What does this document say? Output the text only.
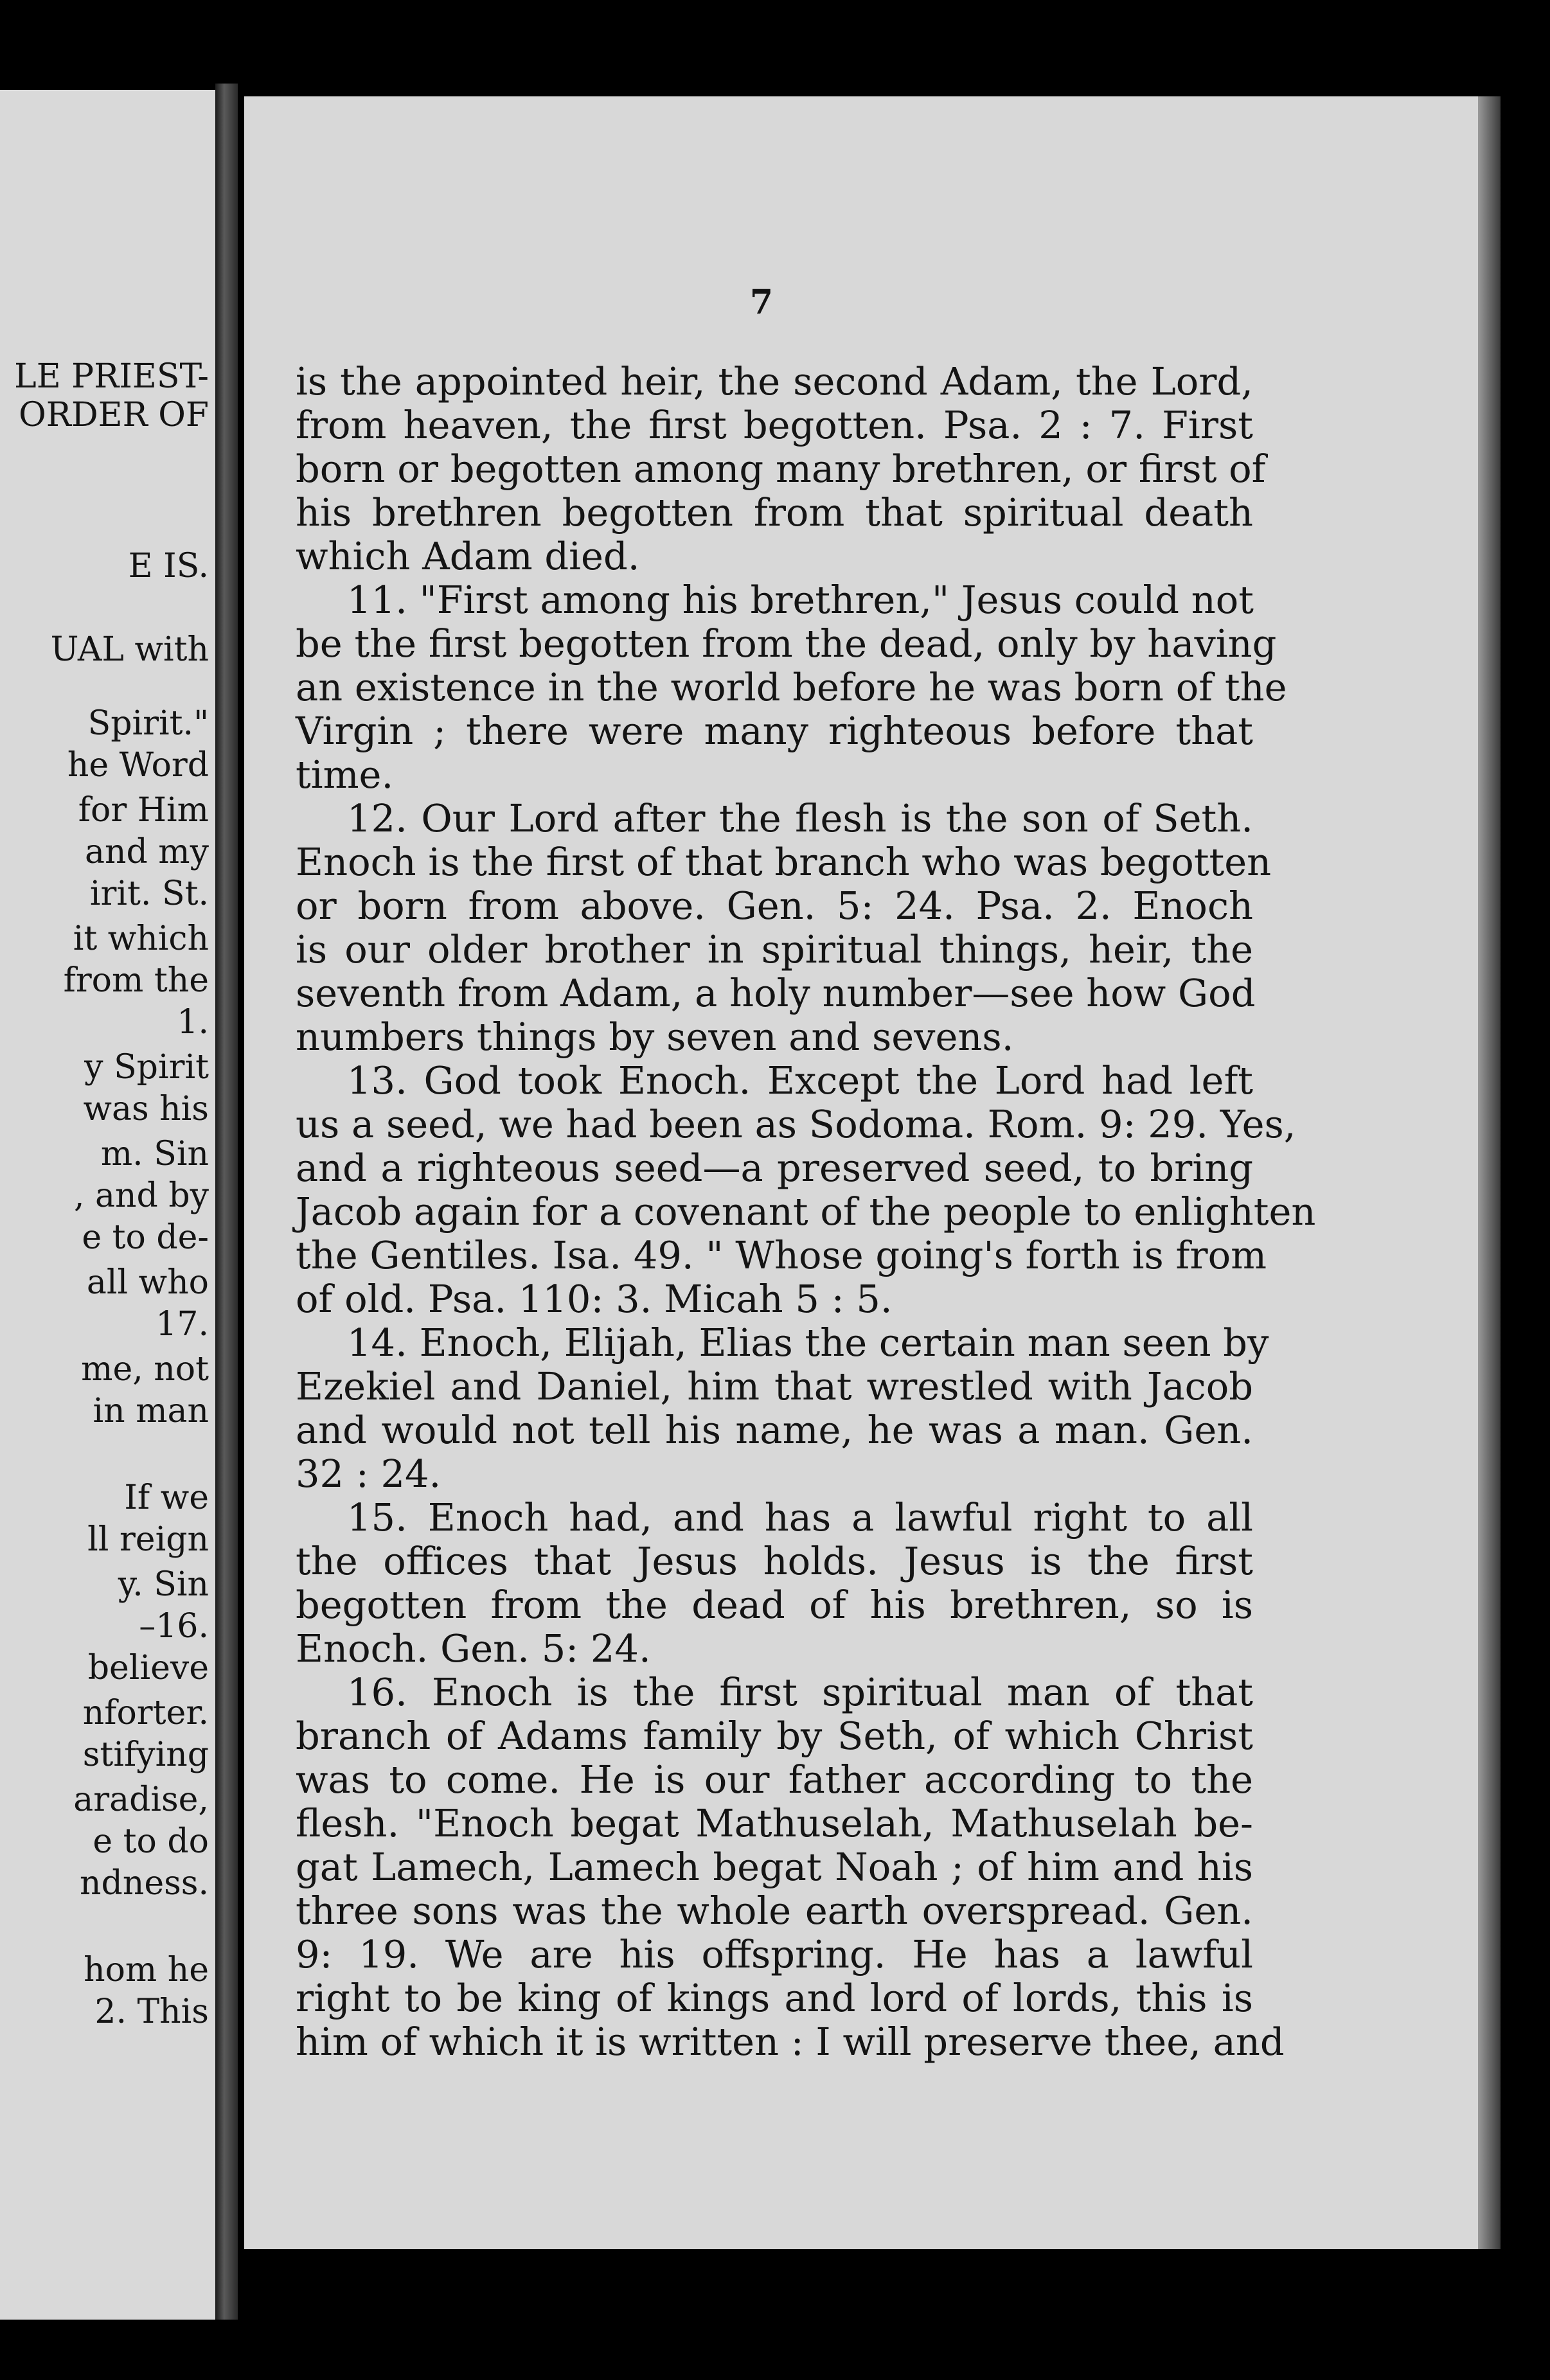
LE PRIEST-
ORDER OF
E IS.
UAL with
Spirit."
he Word
for Him
and my
irit. St.
it which
from the
1.
y Spirit
was his
m. Sin
, and by
e to de-
all who
17.
me, not
in man
If we
ll reign
y. Sin
–16.
believe
nforter.
stifying
aradise,
e to do
ndness.
hom he
2. This
7
is the appointed heir, the second Adam, the Lord,
from heaven, the first begotten. Psa. 2 : 7. First
born or begotten among many brethren, or first of
his brethren begotten from that spiritual death
which Adam died.
11. "First among his brethren," Jesus could not
be the first begotten from the dead, only by having
an existence in the world before he was born of the
Virgin ; there were many righteous before that
time.
12. Our Lord after the flesh is the son of Seth.
Enoch is the first of that branch who was begotten
or born from above. Gen. 5: 24. Psa. 2. Enoch
is our older brother in spiritual things, heir, the
seventh from Adam, a holy number—see how God
numbers things by seven and sevens.
13. God took Enoch. Except the Lord had left
us a seed, we had been as Sodoma. Rom. 9: 29. Yes,
and a righteous seed—a preserved seed, to bring
Jacob again for a covenant of the people to enlighten
the Gentiles. Isa. 49. " Whose going's forth is from
of old. Psa. 110: 3. Micah 5 : 5.
14. Enoch, Elijah, Elias the certain man seen by
Ezekiel and Daniel, him that wrestled with Jacob
and would not tell his name, he was a man. Gen.
32 : 24.
15. Enoch had, and has a lawful right to all
the offices that Jesus holds. Jesus is the first
begotten from the dead of his brethren, so is
Enoch. Gen. 5: 24.
16. Enoch is the first spiritual man of that
branch of Adams family by Seth, of which Christ
was to come. He is our father according to the
flesh. "Enoch begat Mathuselah, Mathuselah be-
gat Lamech, Lamech begat Noah ; of him and his
three sons was the whole earth overspread. Gen.
9: 19. We are his offspring. He has a lawful
right to be king of kings and lord of lords, this is
him of which it is written : I will preserve thee, and
